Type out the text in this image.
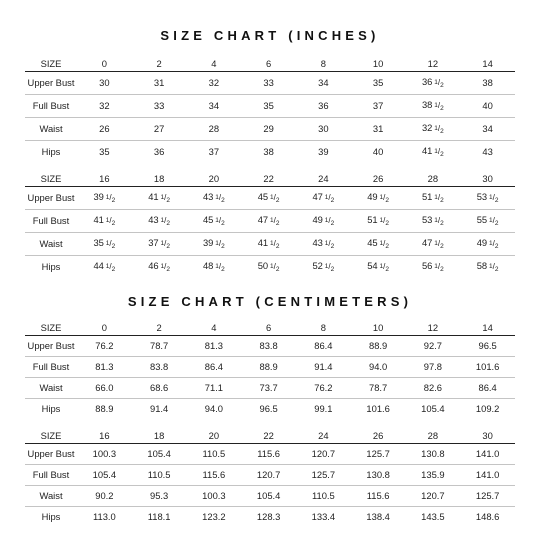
SIZE CHART (INCHES)
SIZE	0	2	4	6	8	10	12	14
Upper Bust	30	31	32	33	34	35	36 $^1/_2$	38
Full Bust	32	33	34	35	36	37	38 $^1/_2$	40
Waist	26	27	28	29	30	31	32 $^1/_2$	34
Hips	35	36	37	38	39	40	41 $^1/_2$	43
SIZE	16	18	20	22	24	26	28	30
Upper Bust	39 $^1/_2$	41 $^1/_2$	43 $^1/_2$	45 $^1/_2$	47 $^1/_2$	49 $^1/_2$	51 $^1/_2$	53 $^1/_2$
Full Bust	41 $^1/_2$	43 $^1/_2$	45 $^1/_2$	47 $^1/_2$	49 $^1/_2$	51 $^1/_2$	53 $^1/_2$	55 $^1/_2$
Waist	35 $^1/_2$	37 $^1/_2$	39 $^1/_2$	41 $^1/_2$	43 $^1/_2$	45 $^1/_2$	47 $^1/_2$	49 $^1/_2$
Hips	44 $^1/_2$	46 $^1/_2$	48 $^1/_2$	50 $^1/_2$	52 $^1/_2$	54 $^1/_2$	56 $^1/_2$	58 $^1/_2$
SIZE CHART (CENTIMETERS)
SIZE	0	2	4	6	8	10	12	14
Upper Bust	76.2	78.7	81.3	83.8	86.4	88.9	92.7	96.5
Full Bust	81.3	83.8	86.4	88.9	91.4	94.0	97.8	101.6
Waist	66.0	68.6	71.1	73.7	76.2	78.7	82.6	86.4
Hips	88.9	91.4	94.0	96.5	99.1	101.6	105.4	109.2
SIZE	16	18	20	22	24	26	28	30
Upper Bust	100.3	105.4	110.5	115.6	120.7	125.7	130.8	141.0
Full Bust	105.4	110.5	115.6	120.7	125.7	130.8	135.9	141.0
Waist	90.2	95.3	100.3	105.4	110.5	115.6	120.7	125.7
Hips	113.0	118.1	123.2	128.3	133.4	138.4	143.5	148.6
